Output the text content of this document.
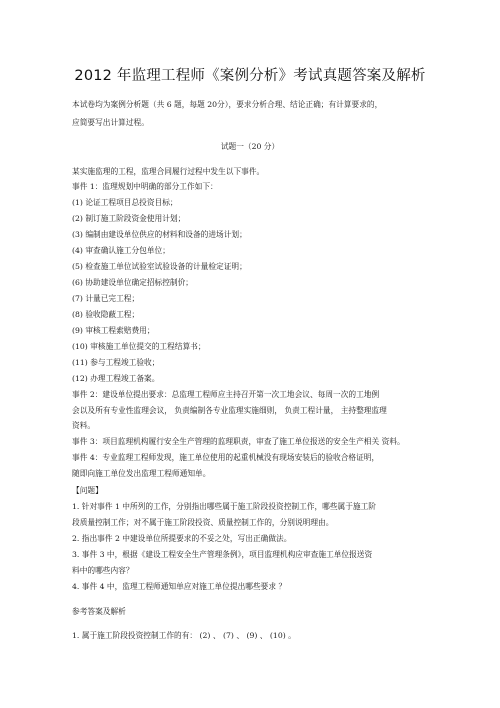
2012 年监理工程师《案例分析》考试真题答案及解析
本试卷均为案例分析题（共 6 题，每题 20分），要求分析合理、结论正确；有计算要求的，
应简要写出计算过程。
试题一（20 分）
某实施监理的工程，监理合同履行过程中发生以下事件。
事件 1：监理规划中明确的部分工作如下：
(1) 论证工程项目总投资目标；
(2) 制订施工阶段资金使用计划；
(3) 编制由建设单位供应的材料和设备的进场计划；
(4) 审查确认施工分包单位；
(5) 检查施工单位试验室试验设备的计量检定证明；
(6) 协助建设单位确定招标控制价；
(7) 计量已完工程；
(8) 验收隐蔽工程；
(9) 审核工程索赔费用；
(10) 审核施工单位提交的工程结算书；
(11) 参与工程竣工验收；
(12) 办理工程竣工备案。
事件 2：建设单位提出要求：总监理工程师应主持召开第一次工地会议、每周一次的工地例
会以及所有专业性监理会议， 负责编制各专业监理实施细则， 负责工程计量， 主持整理监理
资料。
事件 3：项目监理机构履行安全生产管理的监理职责，审查了施工单位报送的安全生产相关 资料。
事件 4：专业监理工程师发现，施工单位使用的起重机械没有现场安装后的验收合格证明，
随即向施工单位发出监理工程师通知单。
【问题】
1. 针对事件 1 中所列的工作，分别指出哪些属于施工阶段投资控制工作，哪些属于施工阶
段质量控制工作；对不属于施工阶段投资、质量控制工作的，分别说明理由。
2. 指出事件 2 中建设单位所提要求的不妥之处，写出正确做法。
3. 事件 3 中，根据《建设工程安全生产管理条例》，项目监理机构应审查施工单位报送资
料中的哪些内容？
4. 事件 4 中，监理工程师通知单应对施工单位提出哪些要求 ？
参考答案及解析
1. 属于施工阶段投资控制工作的有： (2) 、 (7) 、 (9) 、 (10) 。
